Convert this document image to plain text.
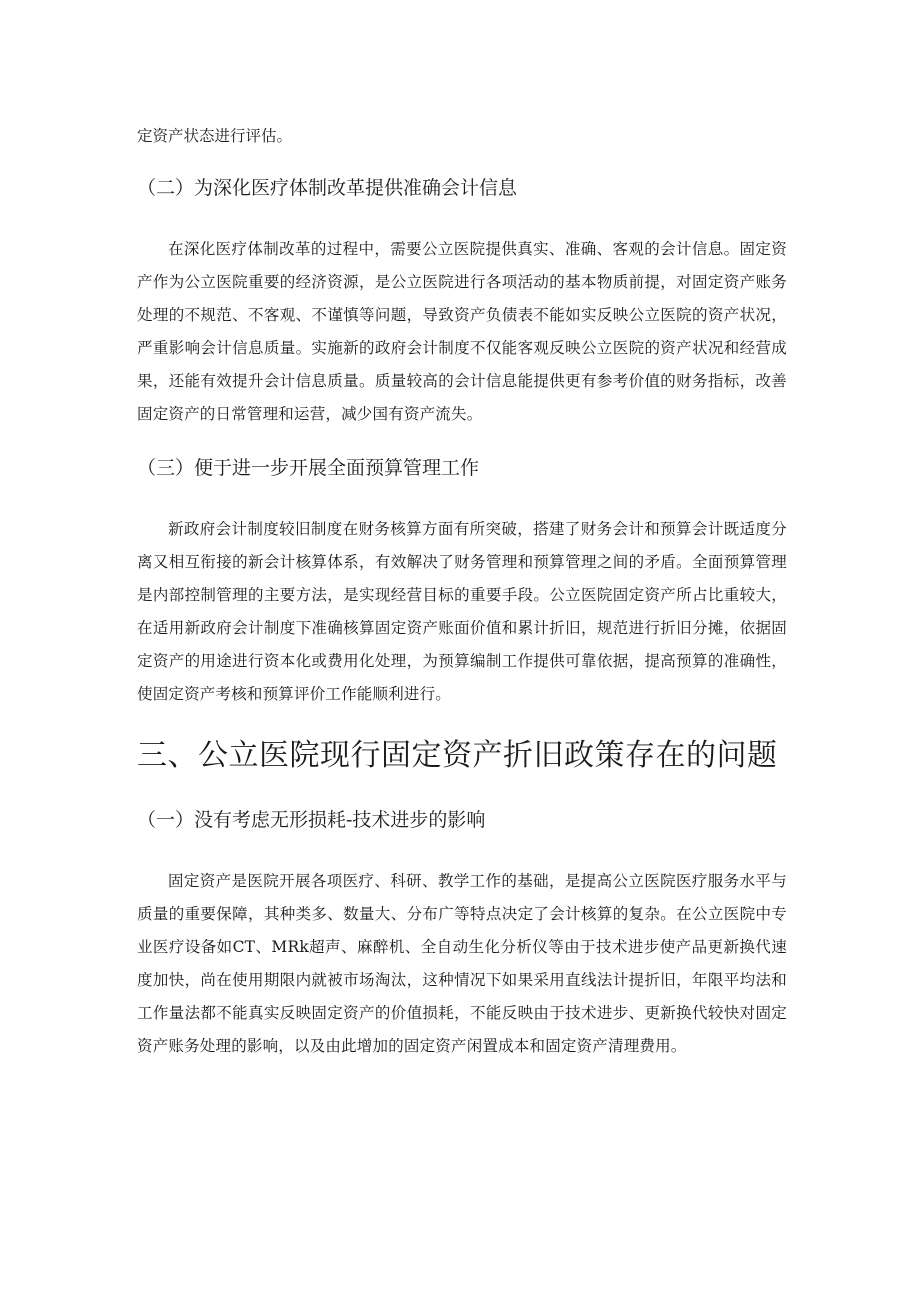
定资产状态进行评估。

（二）为深化医疗体制改革提供准确会计信息

在深化医疗体制改革的过程中，需要公立医院提供真实、准确、客观的会计信息。固定资产作为公立医院重要的经济资源，是公立医院进行各项活动的基本物质前提，对固定资产账务处理的不规范、不客观、不谨慎等问题，导致资产负债表不能如实反映公立医院的资产状况，严重影响会计信息质量。实施新的政府会计制度不仅能客观反映公立医院的资产状况和经营成果，还能有效提升会计信息质量。质量较高的会计信息能提供更有参考价值的财务指标，改善固定资产的日常管理和运营，减少国有资产流失。

（三）便于进一步开展全面预算管理工作

新政府会计制度较旧制度在财务核算方面有所突破，搭建了财务会计和预算会计既适度分离又相互衔接的新会计核算体系，有效解决了财务管理和预算管理之间的矛盾。全面预算管理是内部控制管理的主要方法，是实现经营目标的重要手段。公立医院固定资产所占比重较大，在适用新政府会计制度下准确核算固定资产账面价值和累计折旧，规范进行折旧分摊，依据固定资产的用途进行资本化或费用化处理，为预算编制工作提供可靠依据，提高预算的准确性，使固定资产考核和预算评价工作能顺利进行。

三、公立医院现行固定资产折旧政策存在的问题
（一）没有考虑无形损耗-技术进步的影响

固定资产是医院开展各项医疗、科研、教学工作的基础，是提高公立医院医疗服务水平与质量的重要保障，其种类多、数量大、分布广等特点决定了会计核算的复杂。在公立医院中专业医疗设备如CT、MRk超声、麻醉机、全自动生化分析仪等由于技术进步使产品更新换代速度加快，尚在使用期限内就被市场淘汰，这种情况下如果采用直线法计提折旧，年限平均法和工作量法都不能真实反映固定资产的价值损耗，不能反映由于技术进步、更新换代较快对固定资产账务处理的影响，以及由此增加的固定资产闲置成本和固定资产清理费用。
